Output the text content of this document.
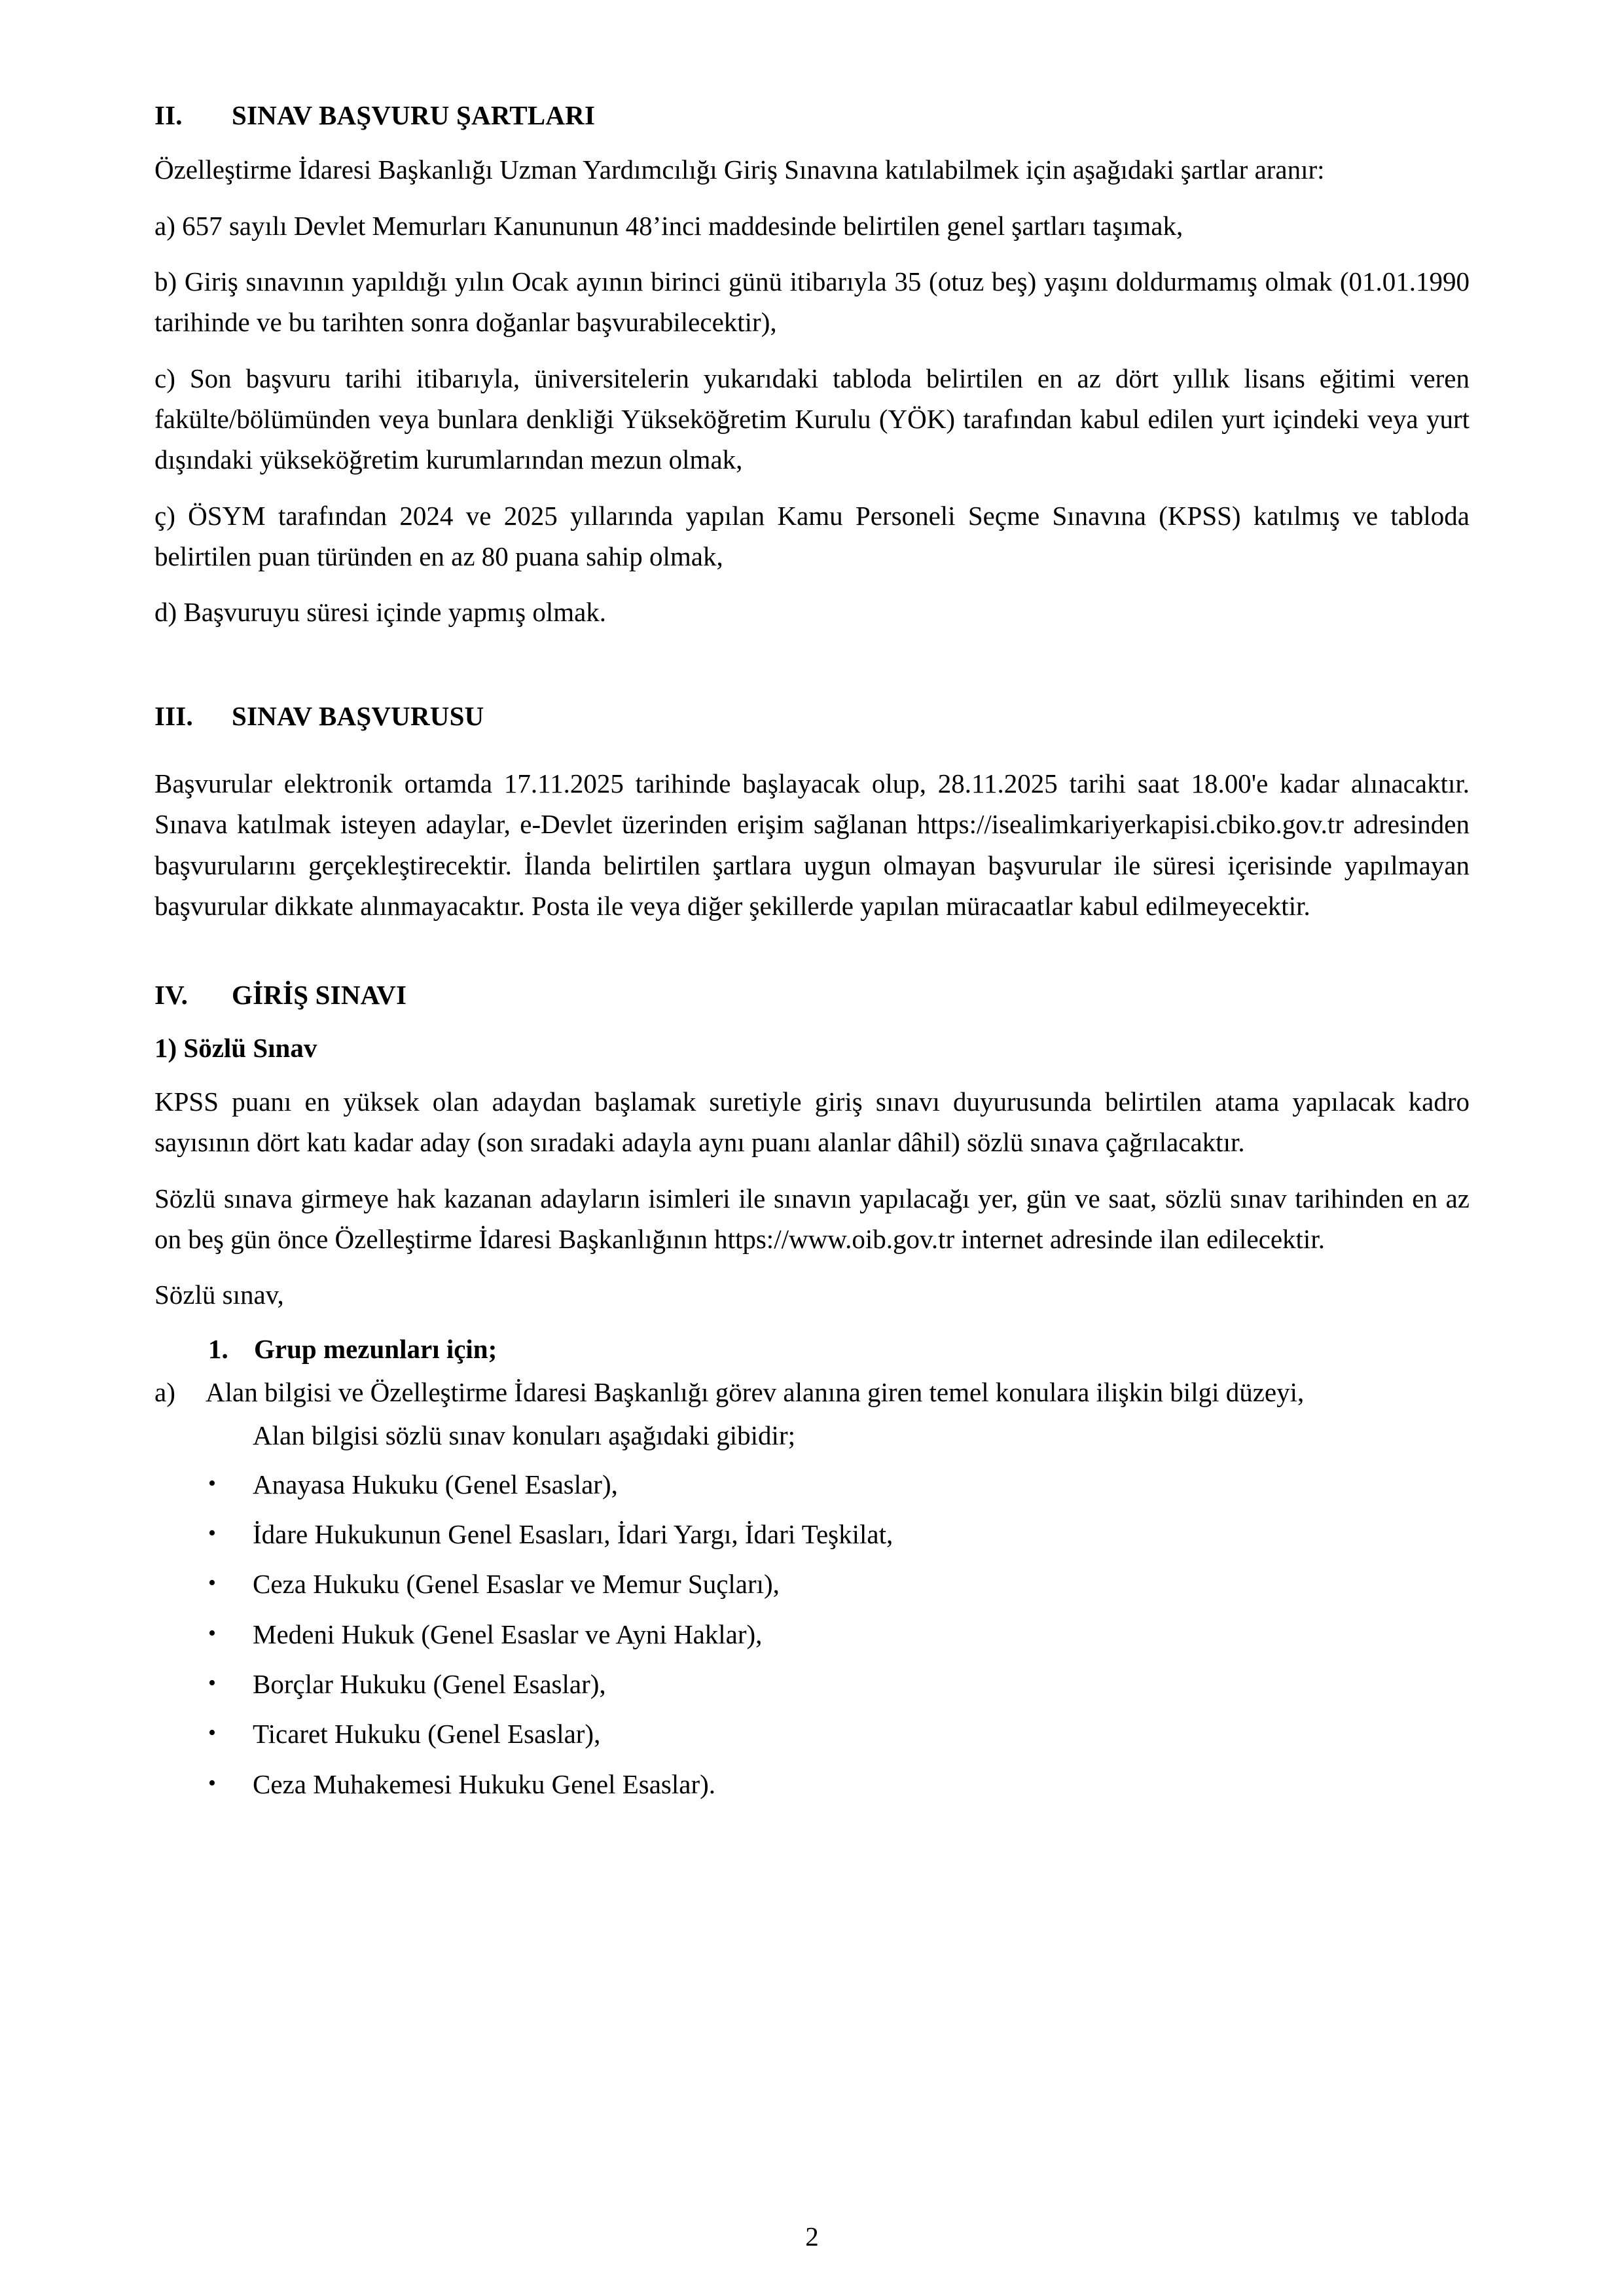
II. SINAV BAŞVURU ŞARTLARI

Özelleştirme İdaresi Başkanlığı Uzman Yardımcılığı Giriş Sınavına katılabilmek için aşağıdaki şartlar aranır:

a) 657 sayılı Devlet Memurları Kanununun 48’inci maddesinde belirtilen genel şartları taşımak,

b) Giriş sınavının yapıldığı yılın Ocak ayının birinci günü itibarıyla 35 (otuz beş) yaşını doldurmamış olmak (01.01.1990 tarihinde ve bu tarihten sonra doğanlar başvurabilecektir),

c) Son başvuru tarihi itibarıyla, üniversitelerin yukarıdaki tabloda belirtilen en az dört yıllık lisans eğitimi veren fakülte/bölümünden veya bunlara denkliği Yükseköğretim Kurulu (YÖK) tarafından kabul edilen yurt içindeki veya yurt dışındaki yükseköğretim kurumlarından mezun olmak,

ç) ÖSYM tarafından 2024 ve 2025 yıllarında yapılan Kamu Personeli Seçme Sınavına (KPSS) katılmış ve tabloda belirtilen puan türünden en az 80 puana sahip olmak,

d) Başvuruyu süresi içinde yapmış olmak.

III. SINAV BAŞVURUSU

Başvurular elektronik ortamda 17.11.2025 tarihinde başlayacak olup, 28.11.2025 tarihi saat 18.00'e kadar alınacaktır. Sınava katılmak isteyen adaylar, e-Devlet üzerinden erişim sağlanan https://isealimkariyerkapisi.cbiko.gov.tr adresinden başvurularını gerçekleştirecektir. İlanda belirtilen şartlara uygun olmayan başvurular ile süresi içerisinde yapılmayan başvurular dikkate alınmayacaktır. Posta ile veya diğer şekillerde yapılan müracaatlar kabul edilmeyecektir.

IV. GİRİŞ SINAVI
1) Sözlü Sınav

KPSS puanı en yüksek olan adaydan başlamak suretiyle giriş sınavı duyurusunda belirtilen atama yapılacak kadro sayısının dört katı kadar aday (son sıradaki adayla aynı puanı alanlar dâhil) sözlü sınava çağrılacaktır.

Sözlü sınava girmeye hak kazanan adayların isimleri ile sınavın yapılacağı yer, gün ve saat, sözlü sınav tarihinden en az on beş gün önce Özelleştirme İdaresi Başkanlığının https://www.oib.gov.tr internet adresinde ilan edilecektir.

Sözlü sınav,

1. Grup mezunları için;

a) Alan bilgisi ve Özelleştirme İdaresi Başkanlığı görev alanına giren temel konulara ilişkin bilgi düzeyi,

Alan bilgisi sözlü sınav konuları aşağıdaki gibidir;
• Anayasa Hukuku (Genel Esaslar),
• İdare Hukukunun Genel Esasları, İdari Yargı, İdari Teşkilat,
• Ceza Hukuku (Genel Esaslar ve Memur Suçları),
• Medeni Hukuk (Genel Esaslar ve Ayni Haklar),
• Borçlar Hukuku (Genel Esaslar),
• Ticaret Hukuku (Genel Esaslar),
• Ceza Muhakemesi Hukuku Genel Esaslar).
2
